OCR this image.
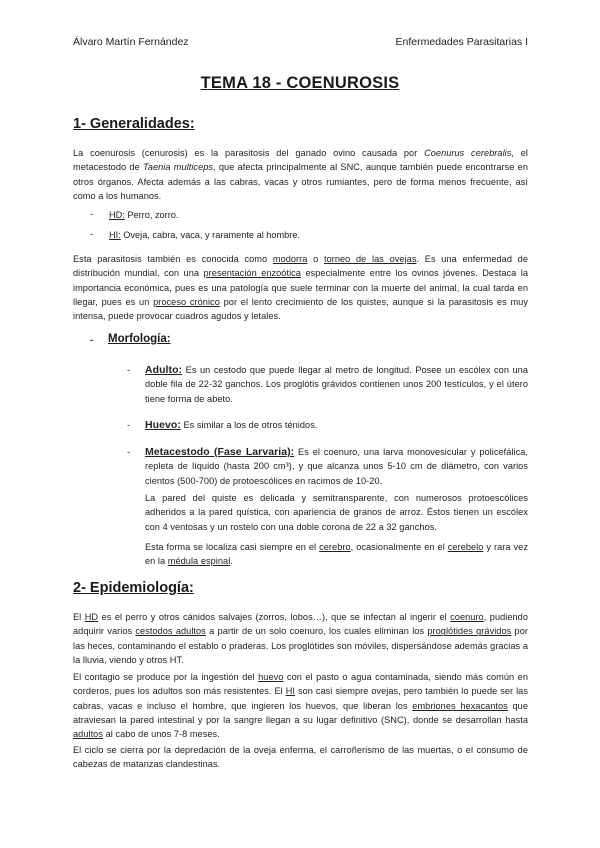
Álvaro Martín Fernández	Enfermedades Parasitarias I
TEMA 18 - COENUROSIS
1- Generalidades:
La coenurosis (cenurosis) es la parasitosis del ganado ovino causada por Coenurus cerebralis, el metacestodo de Taenia multiceps, que afecta principalmente al SNC, aunque también puede encontrarse en otros órganos. Afecta además a las cabras, vacas y otros rumiantes, pero de forma menos frecuente, así como a los humanos.
- HD: Perro, zorro.
- HI: Oveja, cabra, vaca, y raramente al hombre.
Esta parasitosis también es conocida como modorra o torneo de las ovejas. Es una enfermedad de distribución mundial, con una presentación enzoótica especialmente entre los ovinos jóvenes. Destaca la importancia económica, pues es una patología que suele terminar con la muerte del animal, la cual tarda en llegar, pues es un proceso crónico por el lento crecimiento de los quistes, aunque si la parasitosis es muy intensa, puede provocar cuadros agudos y letales.
- Morfología:
- Adulto: Es un cestodo que puede llegar al metro de longitud. Posee un escólex con una doble fila de 22-32 ganchos. Los proglótis grávidos contienen unos 200 testículos, y el útero tiene forma de abeto.
- Huevo: Es similar a los de otros ténidos.
- Metacestodo (Fase Larvaria): Es el coenuro, una larva monovesicular y policefálica, repleta de líquido (hasta 200 cm³), y que alcanza unos 5-10 cm de diámetro, con varios cientos (500-700) de protoescólices en racimos de 10-20.
La pared del quiste es delicada y semitransparente, con numerosos protoescólices adheridos a la pared quística, con apariencia de granos de arroz. Éstos tienen un escólex con 4 ventosas y un rostelo con una doble corona de 22 a 32 ganchos.
Esta forma se localiza casi siempre en el cerebro, ocasionalmente en el cerebelo y rara vez en la médula espinal.
2- Epidemiología:
El HD es el perro y otros cánidos salvajes (zorros, lobos…), que se infectan al ingerir el coenuro, pudiendo adquirir varios cestodos adultos a partir de un solo coenuro, los cuales eliminan los proglótides grávidos por las heces, contaminando el establo o praderas. Los proglótides son móviles, dispersándose además gracias a la lluvia, viendo y otros HT.
El contagio se produce por la ingestión del huevo con el pasto o agua contaminada, siendo más común en corderos, pues los adultos son más resistentes. El HI son casi siempre ovejas, pero también lo puede ser las cabras, vacas e incluso el hombre, que ingieren los huevos, que liberan los embriones hexacantos que atraviesan la pared intestinal y por la sangre llegan a su lugar definitivo (SNC), donde se desarrollan hasta adultos al cabo de unos 7-8 meses.
El ciclo se cierra por la depredación de la oveja enferma, el carroñerismo de las muertas, o el consumo de cabezas de matanzas clandestinas.
